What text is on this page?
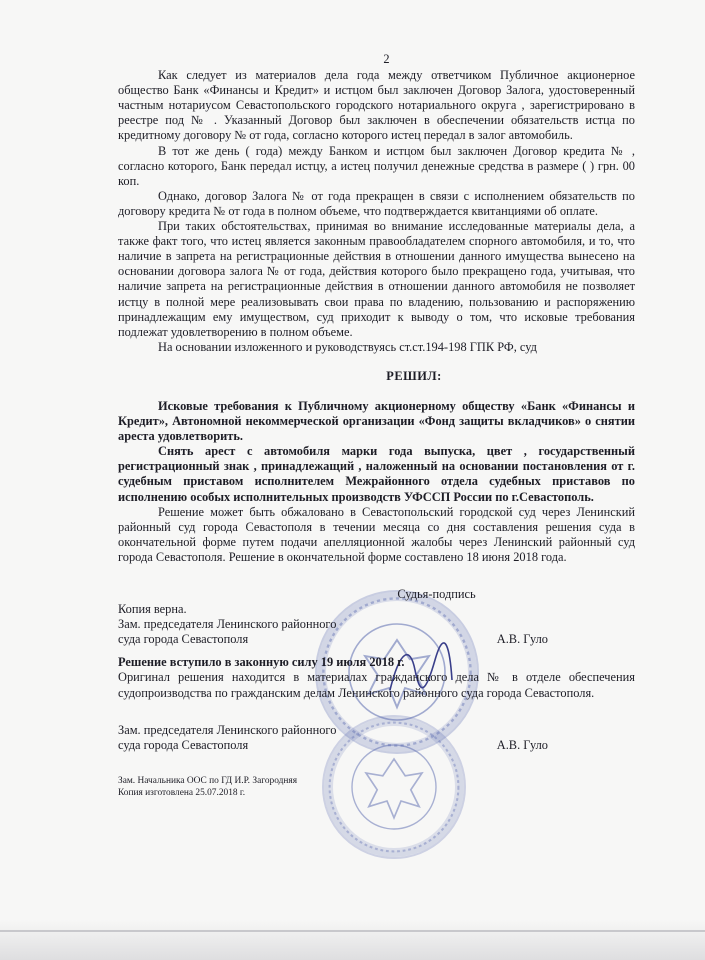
2

Как следует из материалов дела года между ответчиком Публичное акционерное общество Банк «Финансы и Кредит» и истцом был заключен Договор Залога, удостоверенный частным нотариусом Севастопольского городского нотариального округа , зарегистрировано в реестре под № . Указанный Договор был заключен в обеспечении обязательств истца по кредитному договору № от года, согласно которого истец передал в залог автомобиль.

В тот же день ( года) между Банком и истцом был заключен Договор кредита № , согласно которого, Банк передал истцу, а истец получил денежные средства в размере ( ) грн. 00 коп.

Однако, договор Залога № от года прекращен в связи с исполнением обязательств по договору кредита № от года в полном объеме, что подтверждается квитанциями об оплате.

При таких обстоятельствах, принимая во внимание исследованные материалы дела, а также факт того, что истец является законным правообладателем спорного автомобиля, и то, что наличие в запрета на регистрационные действия в отношении данного имущества вынесено на основании договора залога № от года, действия которого было прекращено года, учитывая, что наличие запрета на регистрационные действия в отношении данного автомобиля не позволяет истцу в полной мере реализовывать свои права по владению, пользованию и распоряжению принадлежащим ему имуществом, суд приходит к выводу о том, что исковые требования подлежат удовлетворению в полном объеме.

На основании изложенного и руководствуясь ст.ст.194-198 ГПК РФ, суд

РЕШИЛ:

Исковые требования к Публичному акционерному обществу «Банк «Финансы и Кредит», Автономной некоммерческой организации «Фонд защиты вкладчиков» о снятии ареста удовлетворить.

Снять арест с автомобиля марки года выпуска, цвет , государственный регистрационный знак , принадлежащий , наложенный на основании постановления от г. судебным приставом исполнителем Межрайонного отдела судебных приставов по исполнению особых исполнительных производств УФССП России по г.Севастополь.

Решение может быть обжаловано в Севастопольский городской суд через Ленинский районный суд города Севастополя в течении месяца со дня составления решения суда в окончательной форме путем подачи апелляционной жалобы через Ленинский районный суд города Севастополя. Решение в окончательной форме составлено 18 июня 2018 года.

Судья-подпись

Копия верна.

Зам. председателя Ленинского районного

суда города Севастополя	А.В. Гуло

Решение вступило в законную силу 19 июля 2018 г.

Оригинал решения находится в материалах гражданского дела № в отделе обеспечения судопроизводства по гражданским делам Ленинского районного суда города Севастополя.

Зам. председателя Ленинского районного

суда города Севастополя	А.В. Гуло

Зам. Начальника ООС по ГД И.Р. Загородняя

Копия изготовлена 25.07.2018 г.
